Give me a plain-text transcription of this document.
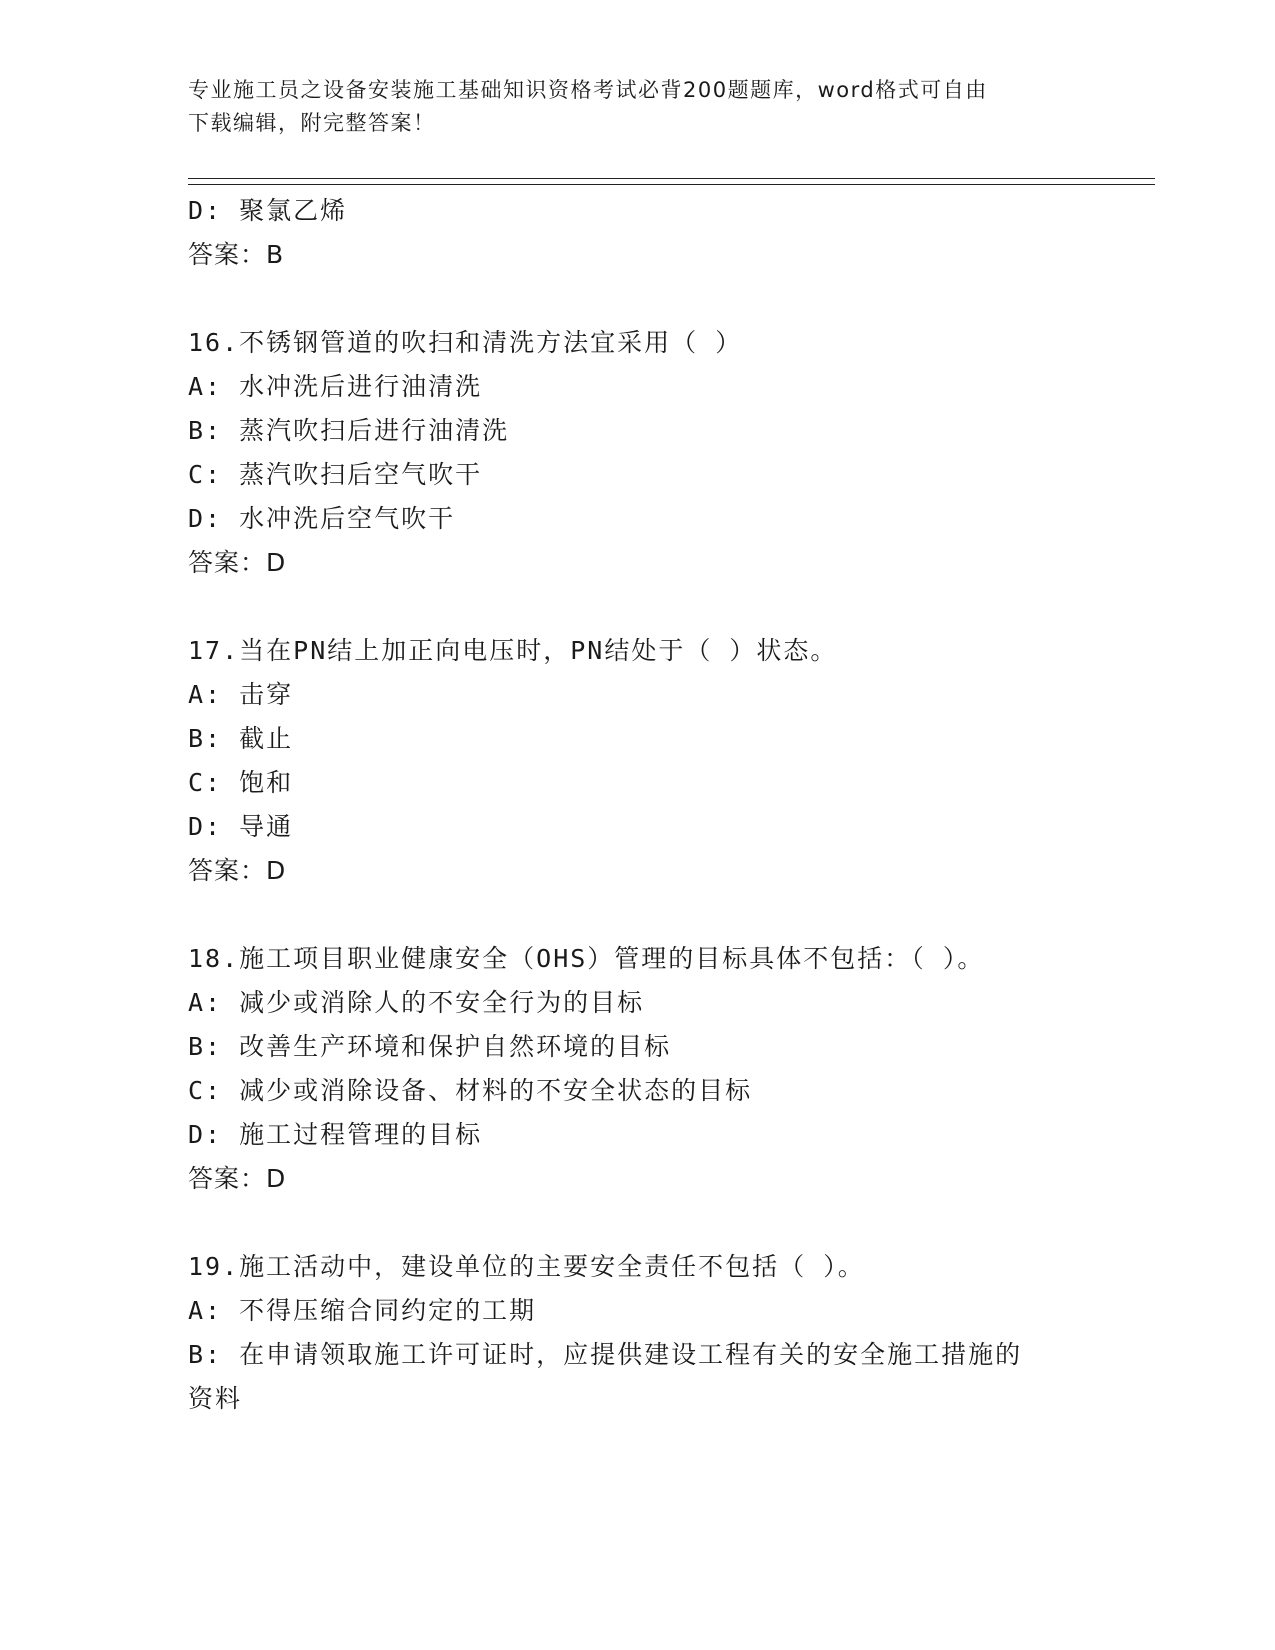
专业施工员之设备安装施工基础知识资格考试必背200题题库，word格式可自由
下载编辑，附完整答案！
D: 聚氯乙烯
答案：B
16.不锈钢管道的吹扫和清洗方法宜采用（ ）
A: 水冲洗后进行油清洗
B: 蒸汽吹扫后进行油清洗
C: 蒸汽吹扫后空气吹干
D: 水冲洗后空气吹干
答案：D
17.当在PN结上加正向电压时，PN结处于（ ）状态。
A: 击穿
B: 截止
C: 饱和
D: 导通
答案：D
18.施工项目职业健康安全（OHS）管理的目标具体不包括：（ ）。
A: 减少或消除人的不安全行为的目标
B: 改善生产环境和保护自然环境的目标
C: 减少或消除设备、材料的不安全状态的目标
D: 施工过程管理的目标
答案：D
19.施工活动中，建设单位的主要安全责任不包括（ ）。
A: 不得压缩合同约定的工期
B: 在申请领取施工许可证时，应提供建设工程有关的安全施工措施的
资料
